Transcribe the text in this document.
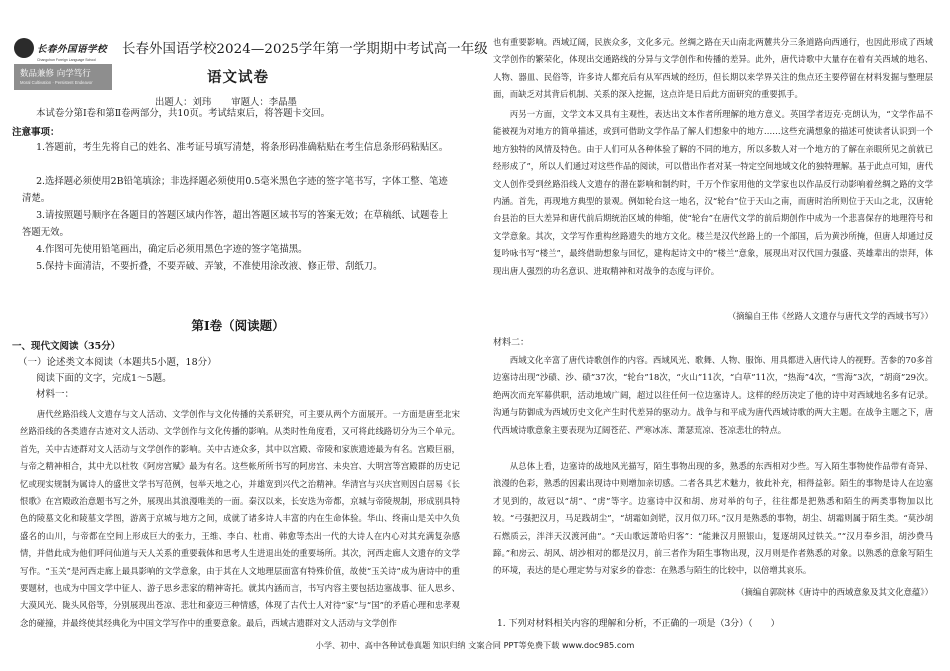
长春外国语学校
Changchun Foreign Language School
数品兼修 向学笃行
Moral Cultivation · Persistent Endeavor
长春外国语学校2024—2025学年第一学期期中考试高一年级
语文试卷
出题人：刘玮 审题人：李晶墨

本试卷分第Ⅰ卷和第Ⅱ卷两部分，共10页。考试结束后，将答题卡交回。

注意事项：

1.答题前，考生先将自己的姓名、准考证号填写清楚，将条形码准确粘贴在考生信息条形码粘贴区。

2.选择题必须使用2B铅笔填涂；非选择题必须使用0.5毫米黑色字迹的签字笔书写，字体工整、笔迹清楚。

3.请按照题号顺序在各题目的答题区域内作答，超出答题区域书写的答案无效；在草稿纸、试题卷上答题无效。

4.作图可先使用铅笔画出，确定后必须用黑色字迹的签字笔描黑。

5.保持卡面清洁，不要折叠，不要弄破、弄皱，不准使用涂改液、修正带、刮纸刀。

第Ⅰ卷（阅读题）
一、现代文阅读（35分）
（一）论述类文本阅读（本题共5小题，18分）
阅读下面的文字，完成1～5题。
材料一：

唐代丝路沿线人文遗存与文人活动、文学创作与文化传播的关系研究，可主要从两个方面展开。一方面是唐至北宋丝路沿线的各类遗存古迹对文人活动、文学创作与文化传播的影响。从类时性角度看，又可将此线路切分为三个单元。首先，关中古迹群对文人活动与文学创作的影响。关中古迹众多，其中以宫殿、帝陵和家族遗迹最为有名。宫殿巨丽，与帝之精神相合，其中尤以杜牧《阿房宫赋》最为有名。这些帐所所书写的阿房宫、未央宫、大明宫等宫殿群的历史记忆或现实规制为属诗人的盛世文学书写范例，包举天地之心，并雄宽到兴代之治精神。华清宫与兴庆宫则因白居易《长恨歌》在宫殿政治意题书写之外，展现出其浪漫唯美的一面。秦汉以来，长安迭为帝都，京城与帝陵规制，形成别具特色的陵墓文化和陵墓文学图，游离于京城与地方之间，成就了诸多诗人丰富的内在生命体验。华山、终南山是关中久负盛名的山川，与帝都在空间上形成巨大的张力，王维、李白、杜甫、韩愈等杰出一代的大诗人在内心对其充满复杂感情，并借此成为他们呼问仙道与天人关系的重要载体和思考人生进退出处的重要场所。其次，河西走廊人文遗存的文学写作。“玉关”是河西走廊上最具影响的文学意象，由于其在人文地理层面富有特殊价值，故使“玉关诗”成为唐诗中的重要题材，也成为中国文学中征人、游子思乡悲家的精神寄托。就其内涵而言，书写内容主要包括边塞战事、征人思乡、大漠风光、陇头风俗等，分别展现出苍凉、悲壮和豪迈三种情感，体现了古代士人对待“家”与“国”的矛盾心理和忠孝观念的碰撞，并最终使其经典化为中国文学写作中的重要意象。最后，西域古遗群对文人活动与文学创作

也有重要影响。西域辽阔，民族众多，文化多元。丝绸之路在天山南北两麓共分三条道路向西通行，也因此形成了西域文学创作的繁荣化，体现出交通路线的分异与文学创作和传播的差异。此外，唐代诗歌中大量存在着有关西域的地名、人物、器皿、民俗等，许多诗人都充后有从军西域的经历，但长期以来学界关注的焦点还主要停留在材料发掘与整理层面，而缺乏对其背后机制、关系的深入挖掘，这点许是日后此方面研究的重要抓手。

丙另一方面，文学文本又具有主观性，表达出文本作者所理解的地方意义。英国学者迈克·克朗认为，“文学作品不能被视为对地方的简单描述，或到可借助文学作品了解人们想象中的地方……这些充满想象的描述可使读者认识到一个地方独特的风情及特色。由于人们可从各种体验了解的不同的地方，所以多数人对一个地方的了解在亲眼所见之前就已经形成了”，所以人们通过对这些作品的阅读，可以借出作者对某一特定空间地域文化的独特理解。基于此点可知，唐代文人创作受到丝路沿线人文遗存的潜在影响和制约时，千万个作家用他的文学家也以作品反行动影响着丝绸之路的文学内涵。首先，再现地方典型的景观。例如轮台这一地名，汉“轮台”位于天山之南，而唐时治所则位于天山之北，汉唐轮台县治的巨大差异和唐代前后期统治区域的伸缩，使“轮台”在唐代文学的前后期创作中成为一个悲喜保存的地理符号和文学意象。其次，文学写作重构丝路遗失的地方文化。楼兰是汉代丝路上的一个部国，后为黄沙所掩，但唐人却通过反复吟咏书写“楼兰”，最终借助想象与回忆，建构起诗文中的“楼兰”意象，展现出对汉代国力强盛、英雄辈出的崇拜，体现出唐人强烈的功名意识、进取精神和对战争的态度与评价。

（摘编自王伟《丝路人文遗存与唐代文学的西域书写》）

材料二：

西域文化辛富了唐代诗歌创作的内容。西域风光、歌舞、人物、服饰、用具都进入唐代诗人的视野。苦参的70多首边塞诗出现“沙碛、沙、碛”37次，“轮台”18次，“火山”11次，“白草”11次，“热海”4次，“雪海”3次，“胡商”29次。绝两次而充军幕供职，活动地域广阔，超过以往任何一位边塞诗人。这样的经历决定了他的诗中对西域地名多有记录。沟通与防御成为西域历史文化产生时代差异的驱动力。战争与和平成为唐代西域诗歌的两大主题。在战争主题之下，唐代西域诗歌意象主要表现为辽阔苍茫、严寒冰冻、萧瑟荒凉、苍凉悲壮的特点。

从总体上看，边塞诗的战地风光描写，陌生事物出现的多，熟悉的东西相对少些。写入陌生事物使作品带有奇异、浪漫的色彩，熟悉的因素出现诗中则增加亲切感。二者各具艺术魅力，彼此补充，相得益彰。陌生的事物是诗人在边塞才见到的，故冠以“胡”、“虏”等字。边塞诗中汉和胡、房对举的句子，往往都是把熟悉和陌生的两类事物加以比较。“弓强把汉月，马足践胡尘”，“胡霜如剑铓，汉月似刀环。”汉月是熟悉的事物，胡尘、胡霜则属于陌生类。“莫沙胡石燃质云，泮泮天汉渡河曲”。“天山歌远萧哈归客”：“能兼汉月照银山，复逐胡风过铁关。”“汉月奉乡泪，胡沙费马蹄。”和房云、胡风、胡沙相对的都是汉月，前三者作为陌生事物出现，汉月则是作者熟悉的对象。以熟悉的意象写陌生的环境，表达的是心理定势与对家乡的眷恋：在熟悉与陌生的比较中，以倍增其哀乐。

（摘编自郭院林《唐诗中的西域意象及其文化意蕴》）

1. 下列对材料相关内容的理解和分析，不正确的一项是（3分）（　　）
小学、初中、高中各种试卷真题 知识归纳 文案合同 PPT等免费下载 www.doc985.com
